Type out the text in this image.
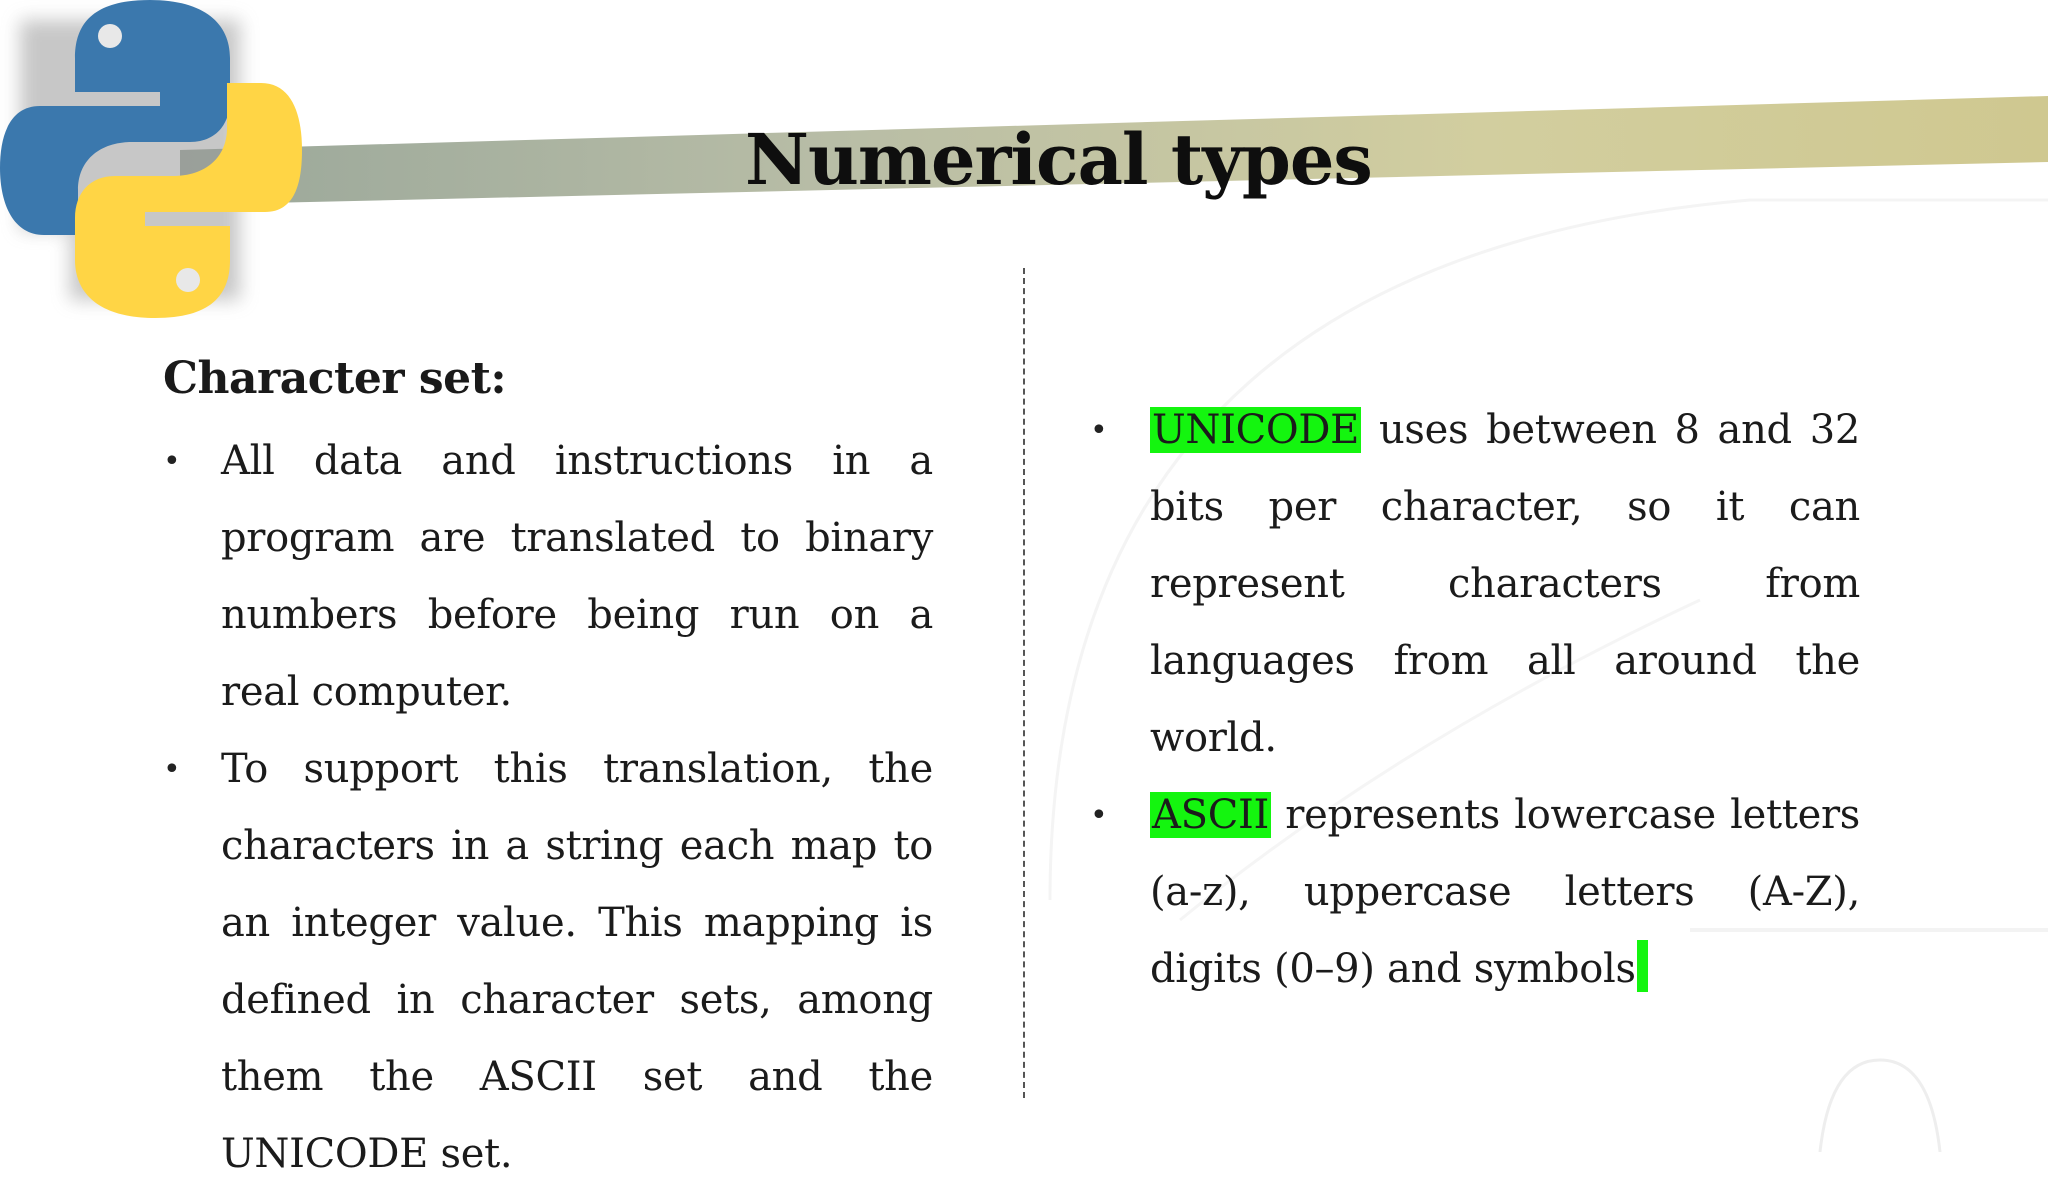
Numerical types
Character set:
• All data and instructions in a program are translated to binary numbers before being run on a real computer.
• To support this translation, the characters in a string each map to an integer value. This mapping is defined in character sets, among them the ASCII set and the UNICODE set.
• UNICODE uses between 8 and 32 bits per character, so it can represent characters from languages from all around the world.
• ASCII represents lowercase letters (a-z), uppercase letters (A-Z), digits (0–9) and symbols
